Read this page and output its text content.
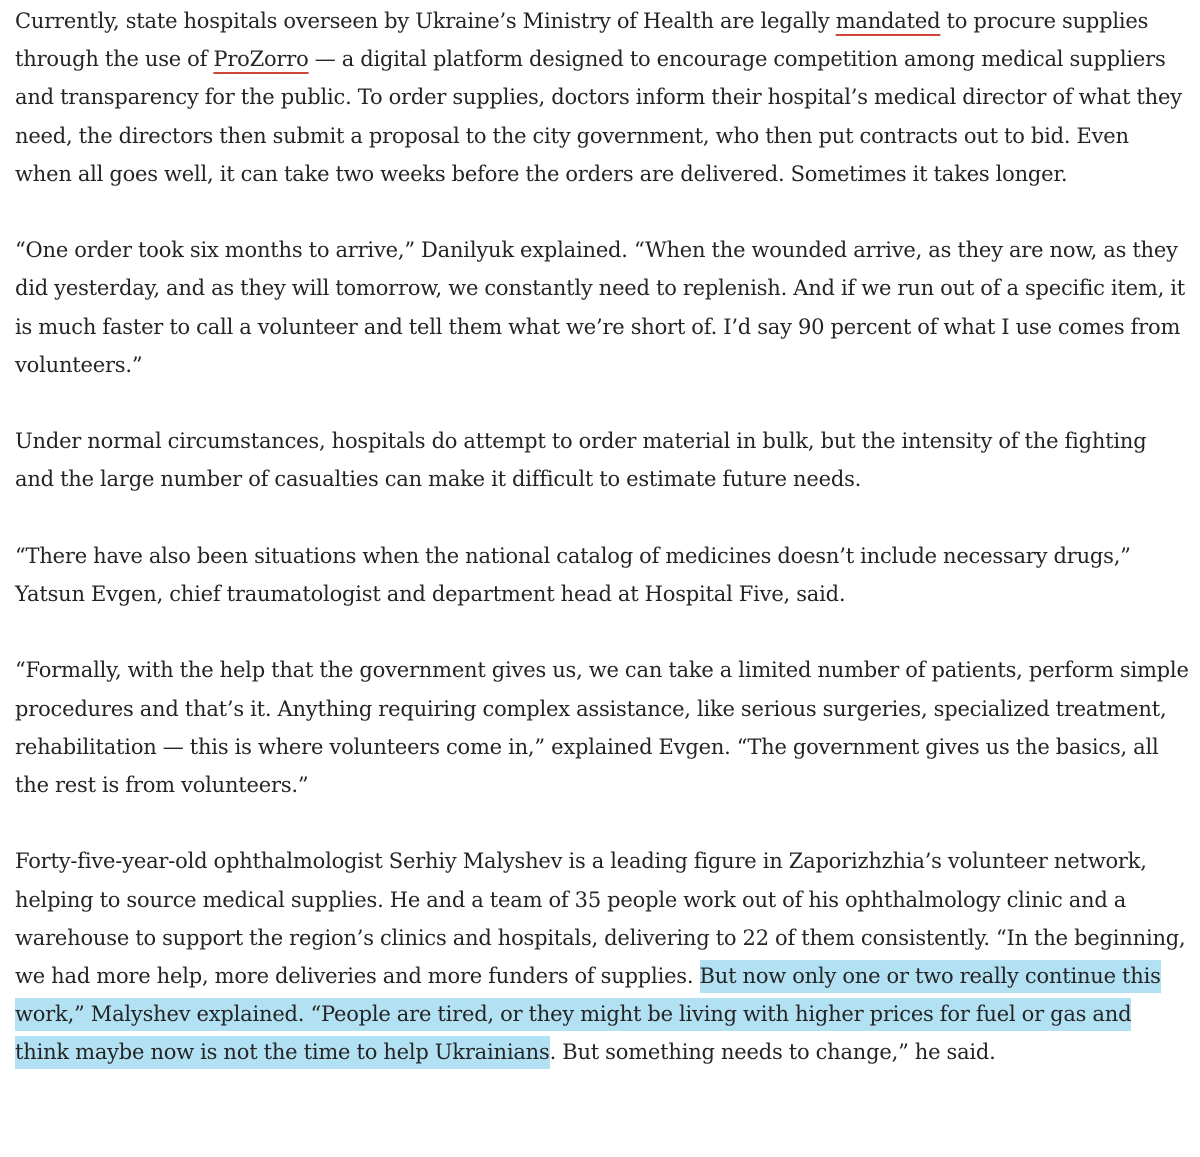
Currently, state hospitals overseen by Ukraine’s Ministry of Health are legally mandated to procure supplies through the use of ProZorro — a digital platform designed to encourage competition among medical suppliers and transparency for the public. To order supplies, doctors inform their hospital’s medical director of what they need, the directors then submit a proposal to the city government, who then put contracts out to bid. Even when all goes well, it can take two weeks before the orders are delivered. Sometimes it takes longer.

“One order took six months to arrive,” Danilyuk explained. “When the wounded arrive, as they are now, as they did yesterday, and as they will tomorrow, we constantly need to replenish. And if we run out of a specific item, it is much faster to call a volunteer and tell them what we’re short of. I’d say 90 percent of what I use comes from volunteers.”

Under normal circumstances, hospitals do attempt to order material in bulk, but the intensity of the fighting and the large number of casualties can make it difficult to estimate future needs.

“There have also been situations when the national catalog of medicines doesn’t include necessary drugs,” Yatsun Evgen, chief traumatologist and department head at Hospital Five, said.

“Formally, with the help that the government gives us, we can take a limited number of patients, perform simple procedures and that’s it. Anything requiring complex assistance, like serious surgeries, specialized treatment, rehabilitation — this is where volunteers come in,” explained Evgen. “The government gives us the basics, all the rest is from volunteers.”

Forty-five-year-old ophthalmologist Serhiy Malyshev is a leading figure in Zaporizhzhia’s volunteer network, helping to source medical supplies. He and a team of 35 people work out of his ophthalmology clinic and a warehouse to support the region’s clinics and hospitals, delivering to 22 of them consistently. “In the beginning, we had more help, more deliveries and more funders of supplies. But now only one or two really continue this work,” Malyshev explained. “People are tired, or they might be living with higher prices for fuel or gas and think maybe now is not the time to help Ukrainians. But something needs to change,” he said.
